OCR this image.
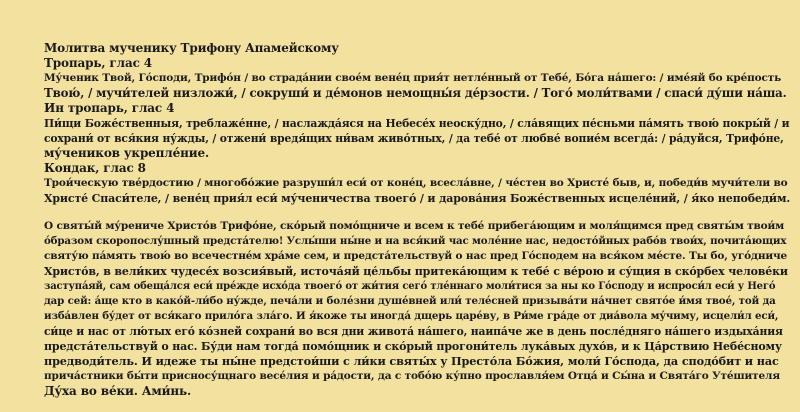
Молитва мученику Трифону Апамейскому
Тропарь, глас 4
Му́ченик Твой, Го́споди, Трифо́н / во страда́нии свое́м вене́ц прия́т нетле́нный от Тебе́, Бо́га на́шего: / име́яй бо кре́пость
Твою́, / мучи́телей низложи́, / сокруши́ и де́монов немощны́я де́рзости. / Того́ моли́твами / спаси́ ду́ши на́ша.
Ин тропарь, глас 4
Пи́щи Боже́ственныя, треблаже́нне, / наслажда́яся на Небесе́х неоску́дно, / сла́вящих пе́сньми па́мять твою́ покры́й / и
сохрани́ от вся́кия ну́жды, / отжени́ вредя́щих ни́вам живо́тных, / да тебе́ от любве́ вопие́м всегда́: / ра́дуйся, Трифо́не,
му́чеников укрепле́ние.
Кондак, глас 8
Трои́ческую тве́рдостию / многобо́жие разруши́л еси́ от коне́ц, всесла́вне, / че́стен во Христе́ быв, и, победи́в мучи́тели во
Христе́ Спаси́теле, / вене́ц прия́л еси́ му́ченичества твоего́ / и дарова́ния Боже́ственных исцеле́ний, / я́ко непобеди́м.
О святы́й му́рениче Христо́в Трифо́не, ско́рый помо́щниче и всем к тебе́ прибега́ющим и моля́щимся пред святы́м твои́м
о́бразом скоропослу́шный предста́телю! Услы́ши ны́не и на вся́кий час моле́ние нас, недосто́йных рабо́в твои́х, почита́ющих
святу́ю па́мять твою́ во всечестне́м хра́ме сем, и предста́тельствуй о нас пред Го́сподем на вся́ком ме́сте. Ты бо, уго́дниче
Христо́в, в вели́ких чудесе́х возсия́вый, источа́яй це́льбы притека́ющим к тебе́ с ве́рою и су́щия в ско́рбех челове́ки
заступа́яй, сам обеща́лся еси́ пре́жде исхо́да твоего́ от жи́тия сего́ тле́ннаго моли́тися за ны ко Го́споду и испроси́л еси́ у Него́
дар сей: а́ще кто в како́й-ли́бо ну́жде, печа́ли и боле́зни душе́вней или́ теле́сней призыва́ти на́чнет свято́е и́мя твое́, той да
изба́влен бу́дет от вся́каго прило́га зла́го. И я́коже ты иногда́ дщерь царе́ву, в Ри́ме гра́де от диа́вола му́чиму, исцели́л еси́,
си́це и нас от лю́тых его́ ко́зней сохрани́ во вся дни живота́ на́шего, наипа́че же в день после́дняго на́шего издыха́ния
предста́тельствуй о нас. Бу́ди нам тогда́ помо́щник и ско́рый прогони́тель лука́вых духо́в, и к Ца́рствию Небе́сному
предводи́тель. И идеже ты ны́не предстои́ши с ли́ки святы́х у Престо́ла Бо́жия, моли́ Го́спода, да сподо́бит и нас
прича́стники бы́ти присносу́щнаго весе́лия и ра́дости, да с тобо́ю ку́пно прославля́ем Отца́ и Сы́на и Свята́го Уте́шителя
Ду́ха во ве́ки. Ами́нь.
